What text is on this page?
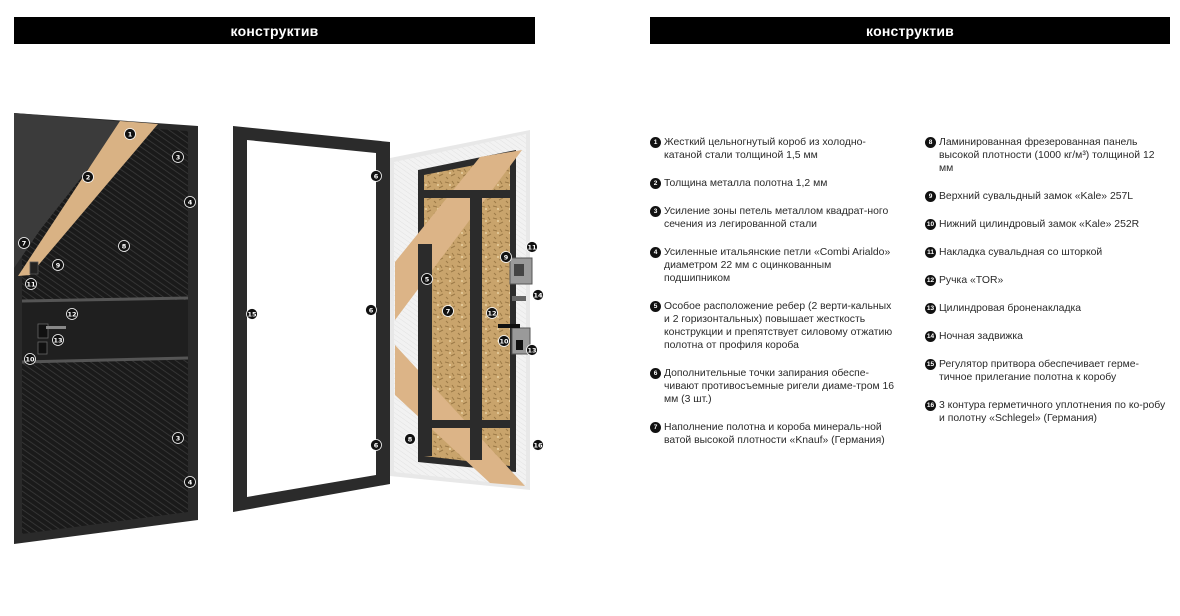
конструктив	конструктив
1
2
3
4
7	8
9
11
12
13
10
3
4
15
6
6
6
8
5
7	12
9
11
14
10
13
16
1 Жесткий цельногнутый короб из холодно-катаной стали толщиной 1,5 мм
2 Толщина металла полотна 1,2 мм
3 Усиление зоны петель металлом квадрат-ного сечения из легированной стали
4 Усиленные итальянские петли «Combi Arialdo» диаметром 22 мм с оцинкованным подшипником
5 Особое расположение ребер (2 верти-кальных и 2 горизонтальных) повышает жесткость конструкции и препятствует силовому отжатию полотна от профиля короба
6 Дополнительные точки запирания обеспе-чивают противосъемные ригели диаме-тром 16 мм (3 шт.)
7 Наполнение полотна и короба минераль-ной ватой высокой плотности «Knauf» (Германия)
8 Ламинированная фрезерованная панель высокой плотности (1000 кг/м³) толщиной 12 мм
9 Верхний сувальдный замок «Kale» 257L
10 Нижний цилиндровый замок «Kale» 252R
11 Накладка сувальдная со шторкой
12 Ручка «TOR»
13 Цилиндровая броненакладка
14 Ночная задвижка
15 Регулятор притвора обеспечивает гермe-тичное прилегание полотна к коробу
16 3 контура герметичного уплотнения по ко-робу и полотну «Schlegel» (Германия)
